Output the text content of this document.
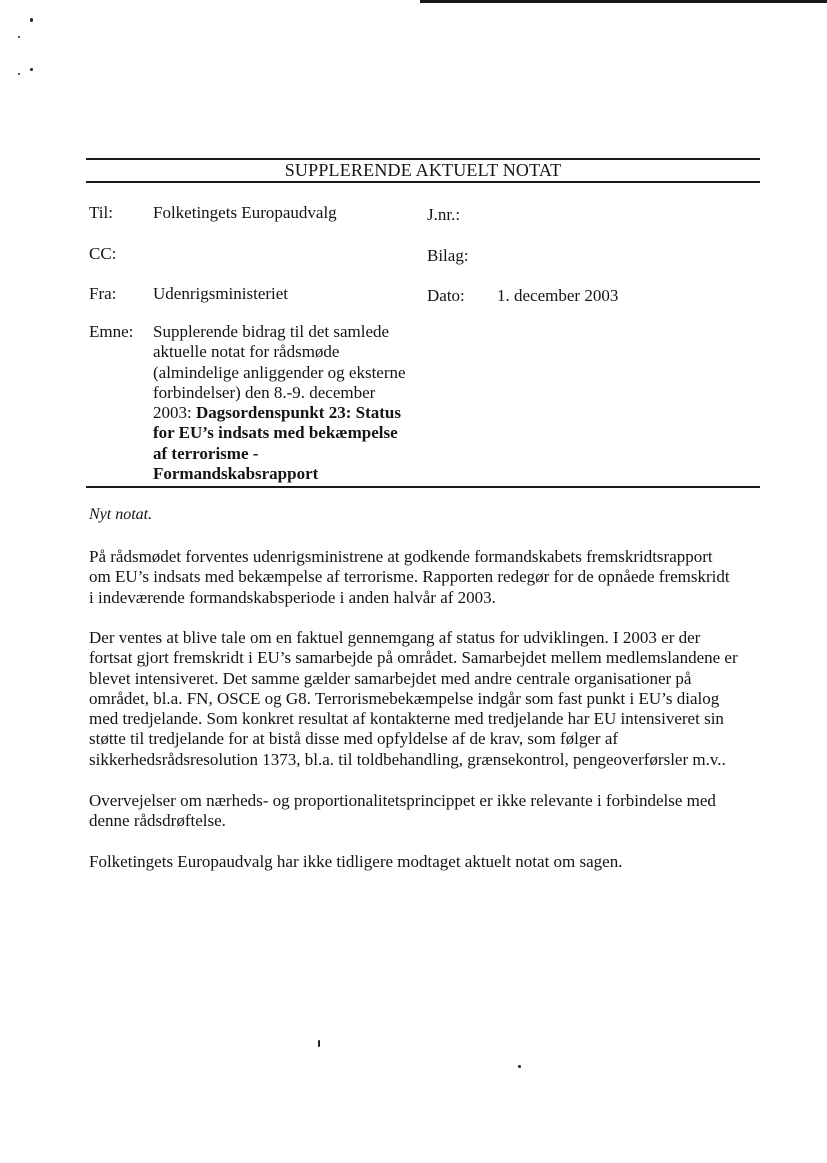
SUPPLERENDE AKTUELT NOTAT
Til: Folketingets Europaudvalg	J.nr.:
CC:	Bilag:
Fra: Udenrigsministeriet	Dato: 1. december 2003
Emne: Supplerende bidrag til det samlede
aktuelle notat for rådsmøde
(almindelige anliggender og eksterne
forbindelser) den 8.-9. december
2003: Dagsordenspunkt 23: Status
for EU’s indsats med bekæmpelse
af terrorisme -
Formandskabsrapport
Nyt notat.
På rådsmødet forventes udenrigsministrene at godkende formandskabets fremskridtsrapport
om EU’s indsats med bekæmpelse af terrorisme. Rapporten redegør for de opnåede fremskridt
i indeværende formandskabsperiode i anden halvår af 2003.
Der ventes at blive tale om en faktuel gennemgang af status for udviklingen. I 2003 er der
fortsat gjort fremskridt i EU’s samarbejde på området. Samarbejdet mellem medlemslandene er
blevet intensiveret. Det samme gælder samarbejdet med andre centrale organisationer på
området, bl.a. FN, OSCE og G8. Terrorismebekæmpelse indgår som fast punkt i EU’s dialog
med tredjelande. Som konkret resultat af kontakterne med tredjelande har EU intensiveret sin
støtte til tredjelande for at bistå disse med opfyldelse af de krav, som følger af
sikkerhedsrådsresolution 1373, bl.a. til toldbehandling, grænsekontrol, pengeoverførsler m.v..
Overvejelser om nærheds- og proportionalitetsprincippet er ikke relevante i forbindelse med
denne rådsdrøftelse.
Folketingets Europaudvalg har ikke tidligere modtaget aktuelt notat om sagen.
